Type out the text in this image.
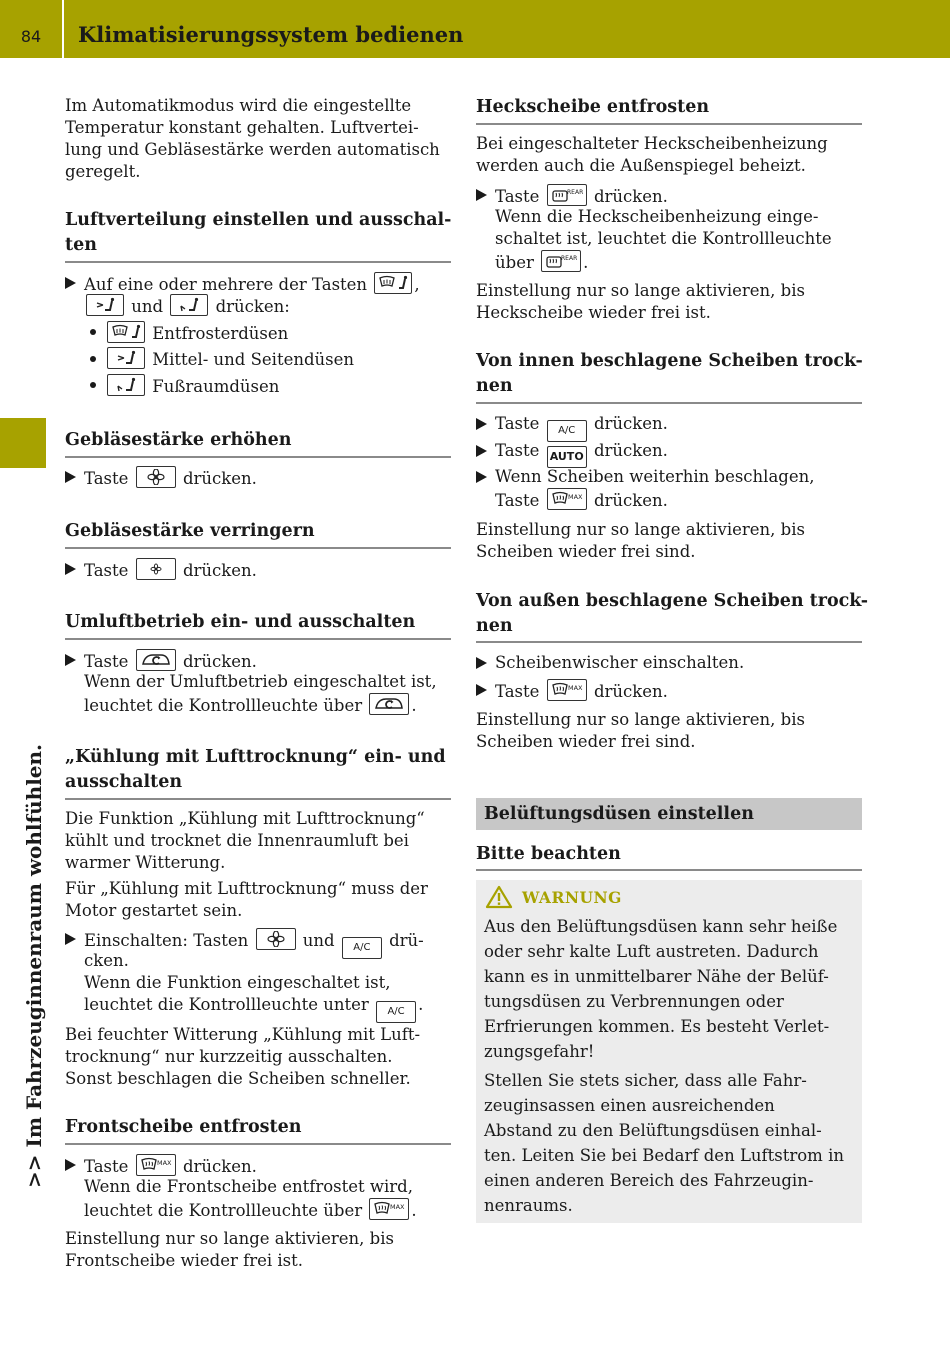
84	Klimatisierungssystem bedienen
>> Im Fahrzeuginnenraum wohlfühlen.
Im Automatikmodus wird die eingestellte
Temperatur konstant gehalten. Luftvertei-
lung und Gebläsestärke werden automatisch
geregelt.
Luftverteilung einstellen und ausschal-
ten
Auf eine oder mehrere der Tasten	,
und	drücken:
Entfrosterdüsen
Mittel- und Seitendüsen
Fußraumdüsen
Gebläsestärke erhöhen
Taste	drücken.
Gebläsestärke verringern
Taste	drücken.
Umluftbetrieb ein- und ausschalten
Taste	drücken.
Wenn der Umluftbetrieb eingeschaltet ist,
leuchtet die Kontrollleuchte über	.
„Kühlung mit Lufttrocknung“ ein- und
ausschalten
Die Funktion „Kühlung mit Lufttrocknung“
kühlt und trocknet die Innenraumluft bei
warmer Witterung.
Für „Kühlung mit Lufttrocknung“ muss der
Motor gestartet sein.
Einschalten: Tasten	und A/C drü-
cken.
Wenn die Funktion eingeschaltet ist,
leuchtet die Kontrollleuchte unter A/C .
Bei feuchter Witterung „Kühlung mit Luft-
trocknung“ nur kurzzeitig ausschalten.
Sonst beschlagen die Scheiben schneller.
Frontscheibe entfrosten
Taste	MAX drücken.
Wenn die Frontscheibe entfrostet wird,
leuchtet die Kontrollleuchte über	MAX .
Einstellung nur so lange aktivieren, bis
Frontscheibe wieder frei ist.
Heckscheibe entfrosten
Bei eingeschalteter Heckscheibenheizung
werden auch die Außenspiegel beheizt.
Taste	REAR drücken.
Wenn die Heckscheibenheizung einge-
schaltet ist, leuchtet die Kontrollleuchte
über	REAR .
Einstellung nur so lange aktivieren, bis
Heckscheibe wieder frei ist.
Von innen beschlagene Scheiben trock-
nen
Taste A/C drücken.
Taste AUTO drücken.
Wenn Scheiben weiterhin beschlagen,
Taste	MAX drücken.
Einstellung nur so lange aktivieren, bis
Scheiben wieder frei sind.
Von außen beschlagene Scheiben trock-
nen
Scheibenwischer einschalten.
Taste	MAX drücken.
Einstellung nur so lange aktivieren, bis
Scheiben wieder frei sind.
Bitte beachten
Belüftungsdüsen einstellen
WARNUNG
Aus den Belüftungsdüsen kann sehr heiße
oder sehr kalte Luft austreten. Dadurch
kann es in unmittelbarer Nähe der Belüf-
tungsdüsen zu Verbrennungen oder
Erfrierungen kommen. Es besteht Verlet-
zungsgefahr!
Stellen Sie stets sicher, dass alle Fahr-
zeuginsassen einen ausreichenden
Abstand zu den Belüftungsdüsen einhal-
ten. Leiten Sie bei Bedarf den Luftstrom in
einen anderen Bereich des Fahrzeugin-
nenraums.
